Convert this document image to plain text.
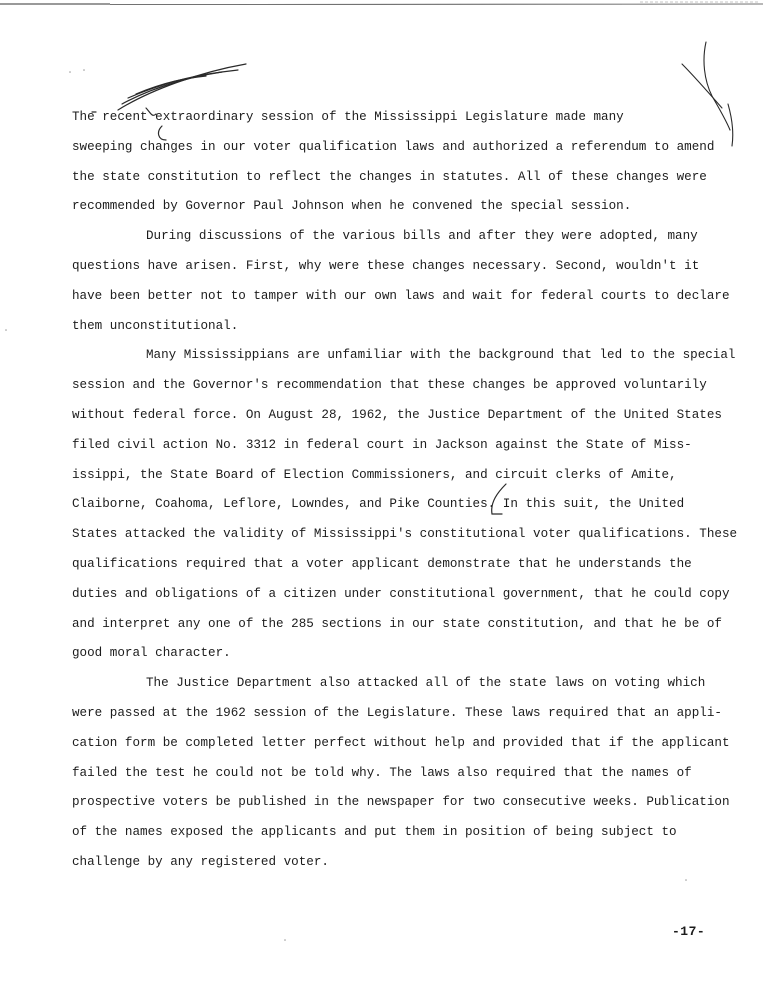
The recent extraordinary session of the Mississippi Legislature made many
sweeping changes in our voter qualification laws and authorized a referendum to amend
the state constitution to reflect the changes in statutes. All of these changes were
recommended by Governor Paul Johnson when he convened the special session.
During discussions of the various bills and after they were adopted, many
questions have arisen. First, why were these changes necessary. Second, wouldn't it
have been better not to tamper with our own laws and wait for federal courts to declare
them unconstitutional.
Many Mississippians are unfamiliar with the background that led to the special
session and the Governor's recommendation that these changes be approved voluntarily
without federal force. On August 28, 1962, the Justice Department of the United States
filed civil action No. 3312 in federal court in Jackson against the State of Miss-
issippi, the State Board of Election Commissioners, and circuit clerks of Amite,
Claiborne, Coahoma, Leflore, Lowndes, and Pike Counties. In this suit, the United
States attacked the validity of Mississippi's constitutional voter qualifications. These
qualifications required that a voter applicant demonstrate that he understands the
duties and obligations of a citizen under constitutional government, that he could copy
and interpret any one of the 285 sections in our state constitution, and that he be of
good moral character.
The Justice Department also attacked all of the state laws on voting which
were passed at the 1962 session of the Legislature. These laws required that an appli-
cation form be completed letter perfect without help and provided that if the applicant
failed the test he could not be told why. The laws also required that the names of
prospective voters be published in the newspaper for two consecutive weeks. Publication
of the names exposed the applicants and put them in position of being subject to
challenge by any registered voter.
-17-
